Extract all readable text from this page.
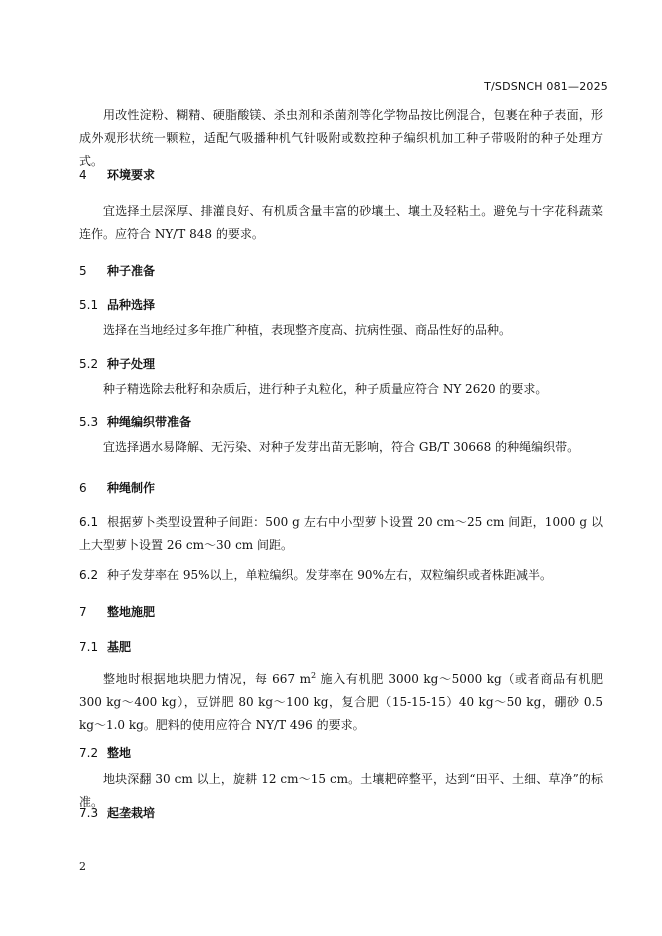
T/SDSNCH 081—2025
用改性淀粉、糊精、硬脂酸镁、杀虫剂和杀菌剂等化学物品按比例混合，包裹在种子表面，形成外观形状统一颗粒，适配气吸播种机气针吸附或数控种子编织机加工种子带吸附的种子处理方式。
4 环境要求
宜选择土层深厚、排灌良好、有机质含量丰富的砂壤土、壤土及轻粘土。避免与十字花科蔬菜连作。应符合 NY/T 848 的要求。
5 种子准备
5.1 品种选择
选择在当地经过多年推广种植，表现整齐度高、抗病性强、商品性好的品种。
5.2 种子处理
种子精选除去秕籽和杂质后，进行种子丸粒化，种子质量应符合 NY 2620 的要求。
5.3 种绳编织带准备
宜选择遇水易降解、无污染、对种子发芽出苗无影响，符合 GB/T 30668 的种绳编织带。
6 种绳制作
6.1 根据萝卜类型设置种子间距：500 g 左右中小型萝卜设置 20 cm～25 cm 间距，1000 g 以上大型萝卜设置 26 cm～30 cm 间距。
6.2 种子发芽率在 95%以上，单粒编织。发芽率在 90%左右，双粒编织或者株距减半。
7 整地施肥
7.1 基肥
整地时根据地块肥力情况，每 667 $m^2$ 施入有机肥 3000 kg～5000 kg（或者商品有机肥 300 kg～400 kg），豆饼肥 80 kg～100 kg，复合肥（15-15-15）40 kg～50 kg，硼砂 0.5 kg～1.0 kg。肥料的使用应符合 NY/T 496 的要求。
7.2 整地
地块深翻 30 cm 以上，旋耕 12 cm～15 cm。土壤耙碎整平，达到“田平、土细、草净”的标准。
7.3 起垄栽培
2
